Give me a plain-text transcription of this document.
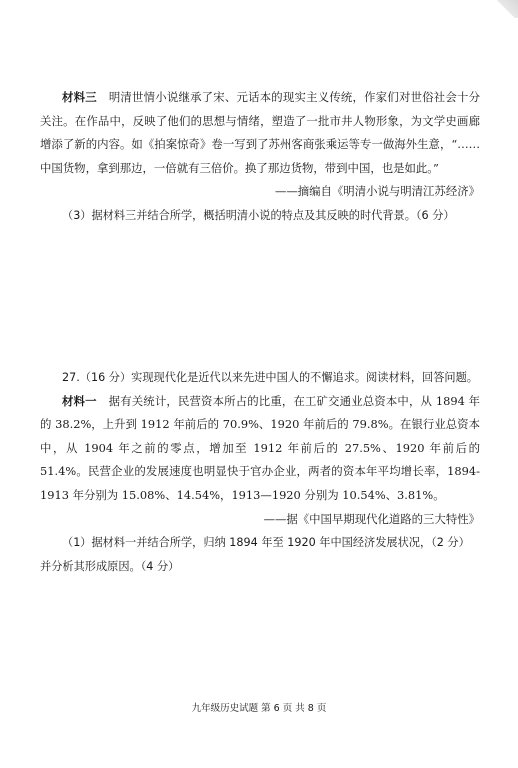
材料三 明清世情小说继承了宋、元话本的现实主义传统，作家们对世俗社会十分关注。在作品中，反映了他们的思想与情绪，塑造了一批市井人物形象，为文学史画廊增添了新的内容。如《拍案惊奇》卷一写到了苏州客商张乘运等专一做海外生意，“……中国货物，拿到那边，一倍就有三倍价。换了那边货物，带到中国，也是如此。”

——摘编自《明清小说与明清江苏经济》

（3）据材料三并结合所学，概括明清小说的特点及其反映的时代背景。（6 分）

27.（16 分）实现现代化是近代以来先进中国人的不懈追求。阅读材料，回答问题。

材料一 据有关统计，民营资本所占的比重，在工矿交通业总资本中，从 1894 年的 38.2%，上升到 1912 年前后的 70.9%、1920 年前后的 79.8%。在银行业总资本中，从 1904 年之前的零点，增加至 1912 年前后的 27.5%、1920 年前后的 51.4%。民营企业的发展速度也明显快于官办企业，两者的资本年平均增长率，1894-1913 年分别为 15.08%、14.54%，1913—1920 分别为 10.54%、3.81%。

——据《中国早期现代化道路的三大特性》

（1）据材料一并结合所学，归纳 1894 年至 1920 年中国经济发展状况，（2 分）并分析其形成原因。（4 分）

九年级历史试题 第 6 页 共 8 页
